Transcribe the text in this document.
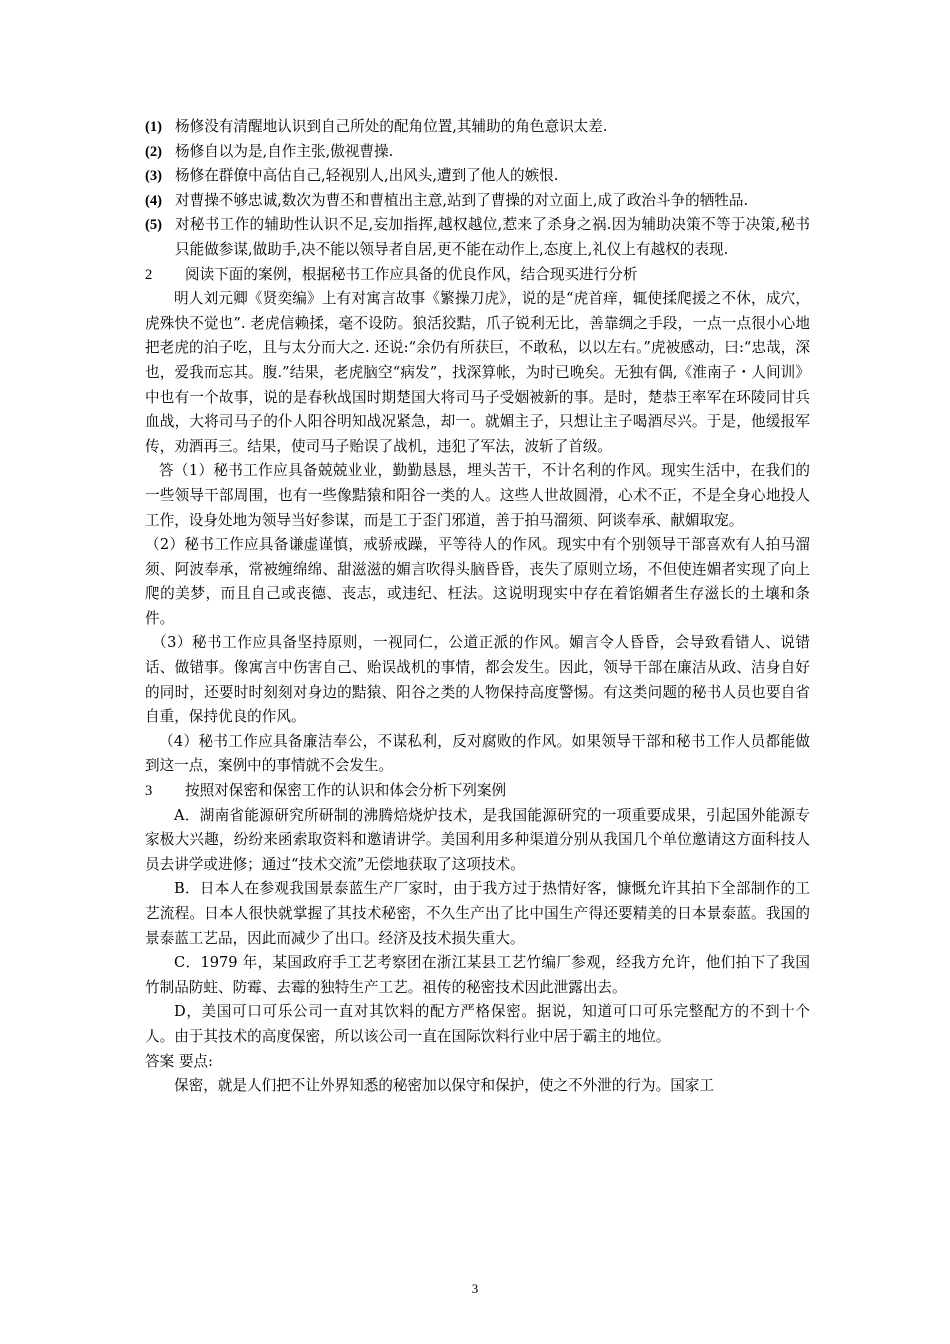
(1) 杨修没有清醒地认识到自己所处的配角位置,其辅助的角色意识太差.
(2) 杨修自以为是,自作主张,傲视曹操.
(3) 杨修在群僚中高估自己,轻视别人,出风头,遭到了他人的嫉恨.
(4) 对曹操不够忠诚,数次为曹丕和曹植出主意,站到了曹操的对立面上,成了政治斗争的牺牲品.
(5) 对秘书工作的辅助性认识不足,妄加指挥,越权越位,惹来了杀身之祸.因为辅助决策不等于决策,秘书只能做参谋,做助手,决不能以领导者自居,更不能在动作上,态度上,礼仪上有越权的表现.
2	阅读下面的案例，根据秘书工作应具备的优良作风，结合现买进行分析
明人刘元卿《贤奕编》上有对寓言故事《繁操刀虎》，说的是“虎首痒，辄使揉爬援之不休，成穴，虎殊快不觉也”. 老虎信赖揉，毫不设防。狼活狡黠，爪子锐利无比，善靠绸之手段，一点一点很小心地把老虎的泊子吃，且与太分而大之. 还说:“余仍有所获巨，不敢私，以以左右。”虎被感动，曰:“忠哉，深也，爱我而忘其。腹.”结果，老虎脑空“病发”，找深算帐，为时已晚矣。无独有偶,《淮南子・人间训》中也有一个故事，说的是春秋战国时期楚国大将司马子受姻被新的事。是时，楚恭王率军在环陵同甘兵血战，大将司马子的仆人阳谷明知战况紧急，却一。就媚主子，只想让主子喝酒尽兴。于是，他缓报军传，劝酒再三。结果，使司马子贻误了战机，违犯了军法，波斩了首级。
答（1）秘书工作应具备兢兢业业，勤勤恳恳，埋头苦干，不计名利的作风。现实生活中，在我们的一些领导干部周围，也有一些像黠猿和阳谷一类的人。这些人世故圆滑，心术不正，不是全身心地投人工作，设身处地为领导当好参谋，而是工于歪门邪道，善于拍马溜须、阿谈奉承、献媚取宠。
（2）秘书工作应具备谦虚谨慎，戒骄戒躁，平等待人的作风。现实中有个别领导干部喜欢有人拍马溜须、阿波奉承，常被缠绵绵、甜滋滋的媚言吹得头脑昏昏，丧失了原则立场，不但使连媚者实现了向上爬的美梦，而且自己或丧德、丧志，或违纪、枉法。这说明现实中存在着馅媚者生存滋长的土壤和条件。
（3）秘书工作应具备坚持原则，一视同仁，公道正派的作风。媚言令人昏昏，会导致看错人、说错话、做错事。像寓言中伤害自己、贻误战机的事情，都会发生。因此，领导干部在廉洁从政、洁身自好的同时，还要时时刻刻对身边的黠猿、阳谷之类的人物保持高度警惕。有这类问题的秘书人员也要自省自重，保持优良的作风。
（4）秘书工作应具备廉洁奉公，不谋私利，反对腐败的作风。如果领导干部和秘书工作人员都能做到这一点，案例中的事情就不会发生。
3	按照对保密和保密工作的认识和体会分析下列案例
A．湖南省能源研究所研制的沸腾焙烧炉技术，是我国能源研究的一项重要成果，引起国外能源专家极大兴趣，纷纷来函索取资料和邀请讲学。美国利用多种渠道分别从我国几个单位邀请这方面科技人员去讲学或进修；通过“技术交流”无偿地获取了这项技术。
B．日本人在参观我国景泰蓝生产厂家时，由于我方过于热情好客，慷慨允许其拍下全部制作的工艺流程。日本人很快就掌握了其技术秘密，不久生产出了比中国生产得还要精美的日本景泰蓝。我国的景泰蓝工艺品，因此而减少了出口。经济及技术损失重大。
C．1979 年，某国政府手工艺考察团在浙江某县工艺竹编厂参观，经我方允许，他们拍下了我国竹制品防蛀、防霉、去霉的独特生产工艺。祖传的秘密技术因此泄露出去。
D，美国可口可乐公司一直对其饮料的配方严格保密。据说，知道可口可乐完整配方的不到十个人。由于其技术的高度保密，所以该公司一直在国际饮料行业中居于霸主的地位。
答案 要点:
保密，就是人们把不让外界知悉的秘密加以保守和保护，使之不外泄的行为。国家工
3
